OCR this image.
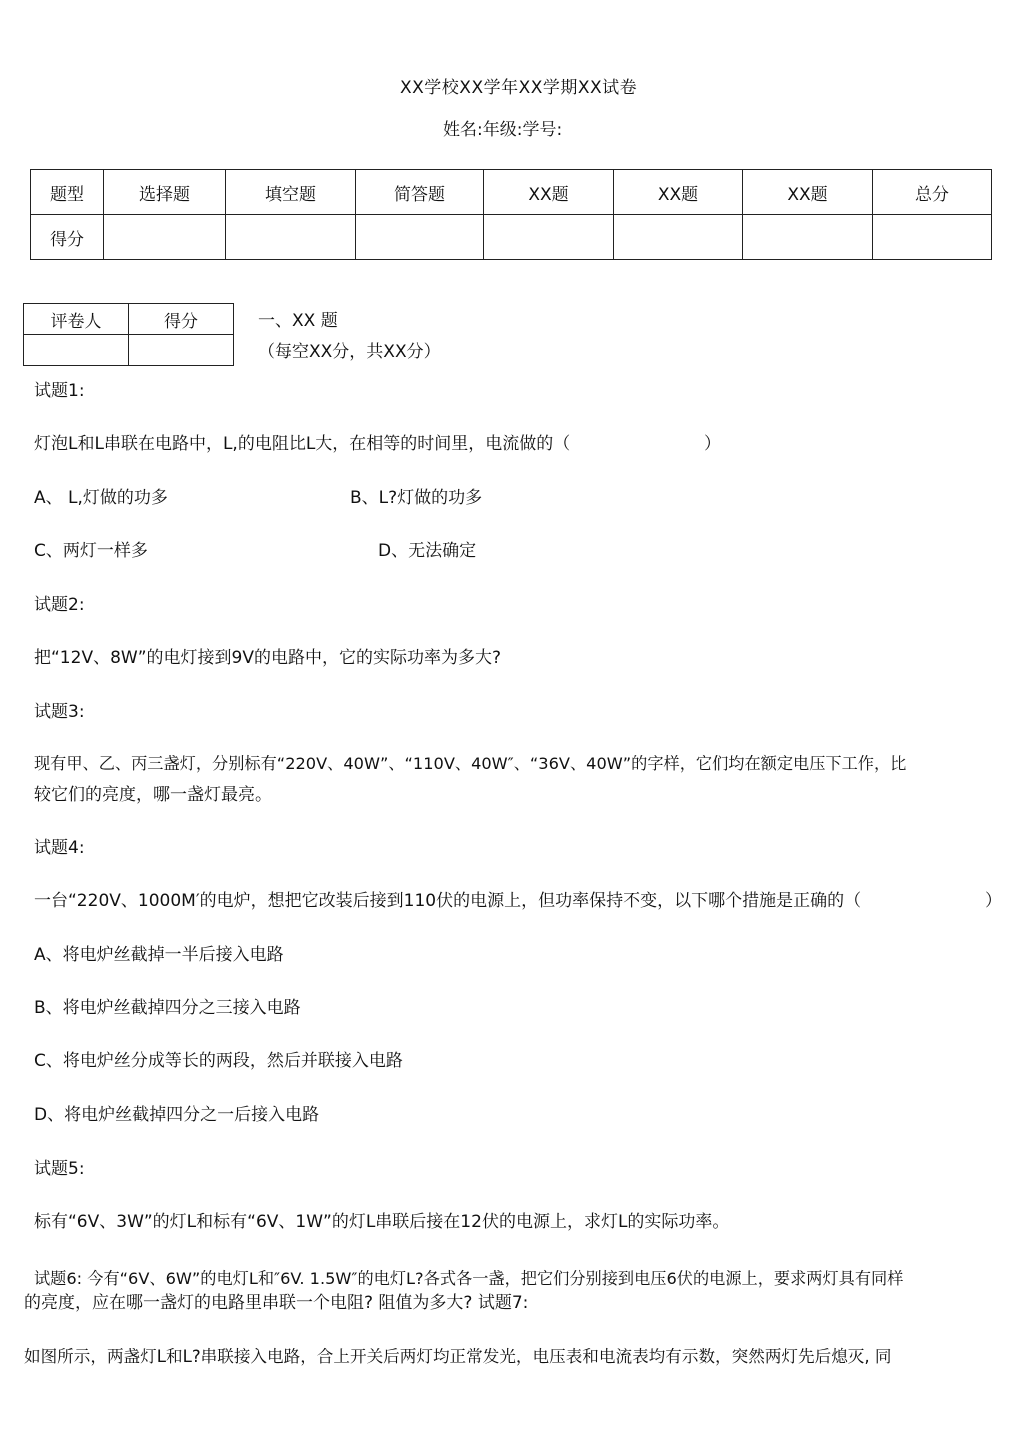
XX学校XX学年XX学期XX试卷
姓名:年级:学号:
题型	选择题	填空题	简答题	XX题	XX题	XX题	总分
得分							
评卷人	得分
		一、XX 题
（每空XX分，共XX分）
试题1:
灯泡L和L串联在电路中，L,的电阻比L大，在相等的时间里，电流做的（	）
A、 L,灯做的功多	B、L?灯做的功多
C、两灯一样多	D、无法确定
试题2:
把“12V、8W”的电灯接到9V的电路中，它的实际功率为多大?
试题3:
现有甲、乙、丙三盏灯，分别标有“220V、40W”、“110V、40W″、“36V、40W”的字样，它们均在额定电压下工作，比
较它们的亮度，哪一盏灯最亮。
试题4:
一台“220V、1000M′的电炉，想把它改装后接到110伏的电源上，但功率保持不变，以下哪个措施是正确的（	）
A、将电炉丝截掉一半后接入电路
B、将电炉丝截掉四分之三接入电路
C、将电炉丝分成等长的两段，然后并联接入电路
D、将电炉丝截掉四分之一后接入电路
试题5:
标有“6V、3W”的灯L和标有“6V、1W”的灯L串联后接在12伏的电源上，求灯L的实际功率。
试题6: 今有“6V、6W”的电灯L和″6V. 1.5W″的电灯L?各式各一盏，把它们分别接到电压6伏的电源上，要求两灯具有同样
的亮度，应在哪一盏灯的电路里串联一个电阻? 阻值为多大? 试题7:
如图所示，两盏灯L和L?串联接入电路，合上开关后两灯均正常发光，电压表和电流表均有示数，突然两灯先后熄灭, 同
